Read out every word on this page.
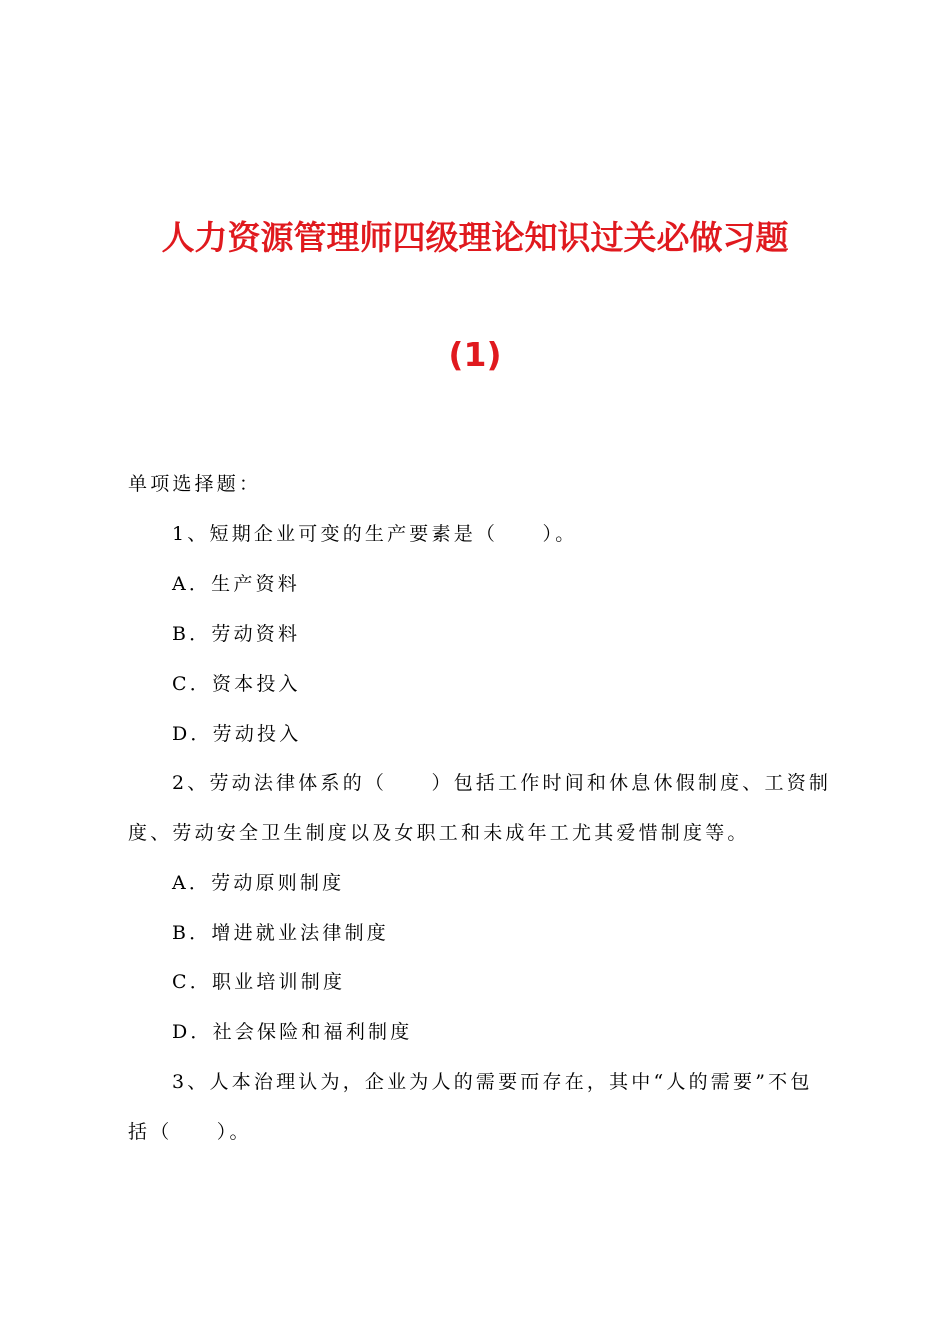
人力资源管理师四级理论知识过关必做习题
(1)
单项选择题：
1、短期企业可变的生产要素是（　　）。
A．生产资料
B．劳动资料
C．资本投入
D．劳动投入
2、劳动法律体系的（　　）包括工作时间和休息休假制度、工资制
度、劳动安全卫生制度以及女职工和未成年工尤其爱惜制度等。
A．劳动原则制度
B．增进就业法律制度
C．职业培训制度
D．社会保险和福利制度
3、人本治理认为，企业为人的需要而存在，其中“人的需要”不包
括（　　）。
